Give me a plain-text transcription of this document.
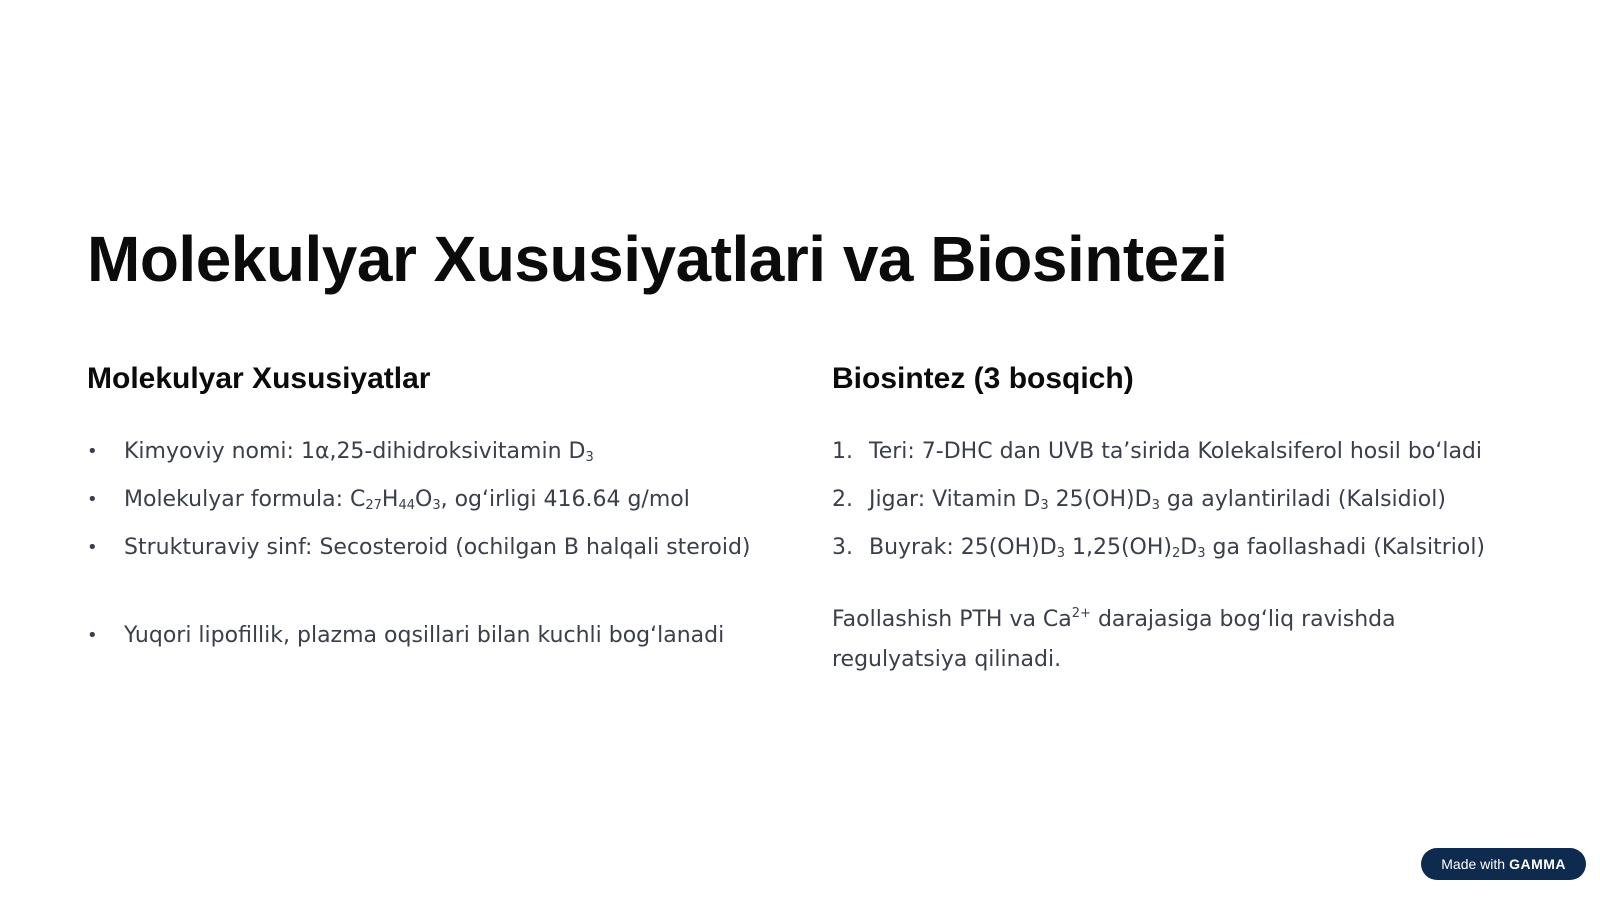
Molekulyar Xususiyatlari va Biosintezi
Molekulyar Xususiyatlar
• Kimyoviy nomi: 1α,25-dihidroksivitamin $D_3$
• Molekulyar formula: $C_{27}H_{44}O_3$, og‘irligi 416.64 g/mol
• Strukturaviy sinf: Secosteroid (ochilgan B halqali steroid)
• Yuqori lipofillik, plazma oqsillari bilan kuchli bog‘lanadi
Biosintez (3 bosqich)
1. Teri: 7-DHC dan UVB ta’sirida Kolekalsiferol hosil bo‘ladi
2. Jigar: Vitamin $D_3$ $25(OH)D_3$ ga aylantiriladi (Kalsidiol)
3. Buyrak: $25(OH)D_3$ $1,25(OH)_2D_3$ ga faollashadi (Kalsitriol)

Faollashish PTH va $Ca^{2+}$ darajasiga bog‘liq ravishda regulyatsiya qilinadi.

Made with GAMMA
